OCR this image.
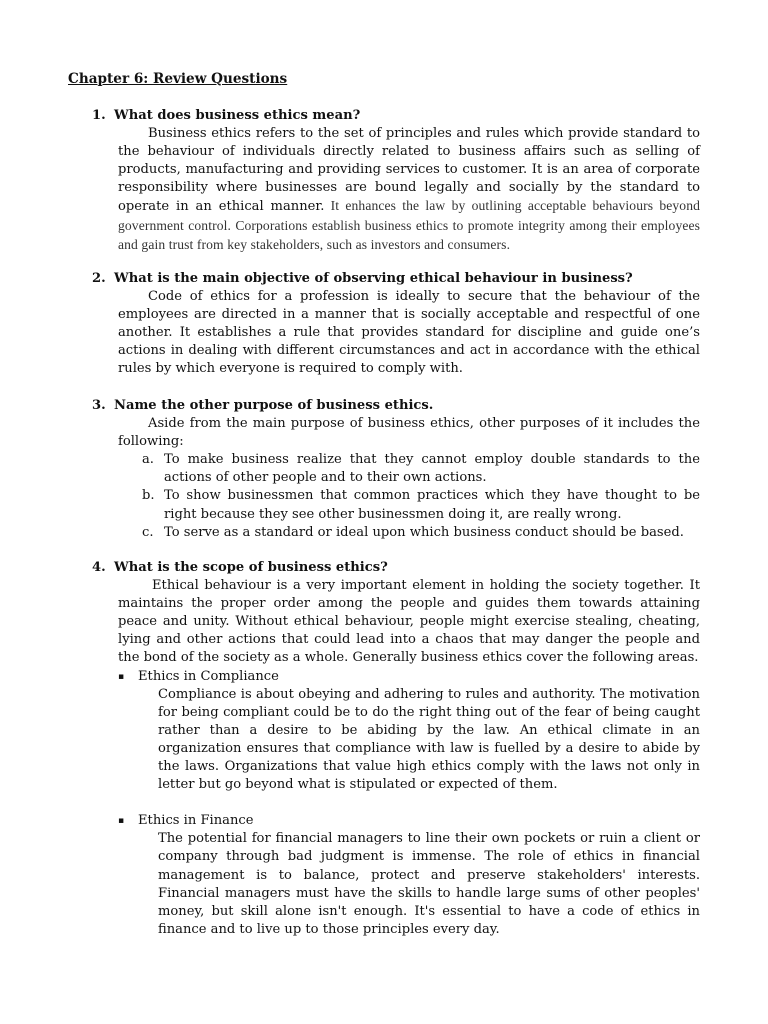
Chapter 6: Review Questions
1. What does business ethics mean?
Business ethics refers to the set of principles and rules which provide standard to the behaviour of individuals directly related to business affairs such as selling of products, manufacturing and providing services to customer. It is an area of corporate responsibility where businesses are bound legally and socially by the standard to operate in an ethical manner. It enhances the law by outlining acceptable behaviours beyond government control. Corporations establish business ethics to promote integrity among their employees and gain trust from key stakeholders, such as investors and consumers.
2. What is the main objective of observing ethical behaviour in business?
Code of ethics for a profession is ideally to secure that the behaviour of the employees are directed in a manner that is socially acceptable and respectful of one another. It establishes a rule that provides standard for discipline and guide one’s actions in dealing with different circumstances and act in accordance with the ethical rules by which everyone is required to comply with.
3. Name the other purpose of business ethics.
Aside from the main purpose of business ethics, other purposes of it includes the following:
a. To make business realize that they cannot employ double standards to the actions of other people and to their own actions.
b. To show businessmen that common practices which they have thought to be right because they see other businessmen doing it, are really wrong.
c. To serve as a standard or ideal upon which business conduct should be based.
4. What is the scope of business ethics?
Ethical behaviour is a very important element in holding the society together. It maintains the proper order among the people and guides them towards attaining peace and unity. Without ethical behaviour, people might exercise stealing, cheating, lying and other actions that could lead into a chaos that may danger the people and the bond of the society as a whole. Generally business ethics cover the following areas.
▪	Ethics in Compliance
Compliance is about obeying and adhering to rules and authority. The motivation for being compliant could be to do the right thing out of the fear of being caught rather than a desire to be abiding by the law. An ethical climate in an organization ensures that compliance with law is fuelled by a desire to abide by the laws. Organizations that value high ethics comply with the laws not only in letter but go beyond what is stipulated or expected of them.
▪	Ethics in Finance
The potential for financial managers to line their own pockets or ruin a client or company through bad judgment is immense. The role of ethics in financial management is to balance, protect and preserve stakeholders' interests. Financial managers must have the skills to handle large sums of other peoples' money, but skill alone isn't enough. It's essential to have a code of ethics in finance and to live up to those principles every day.
